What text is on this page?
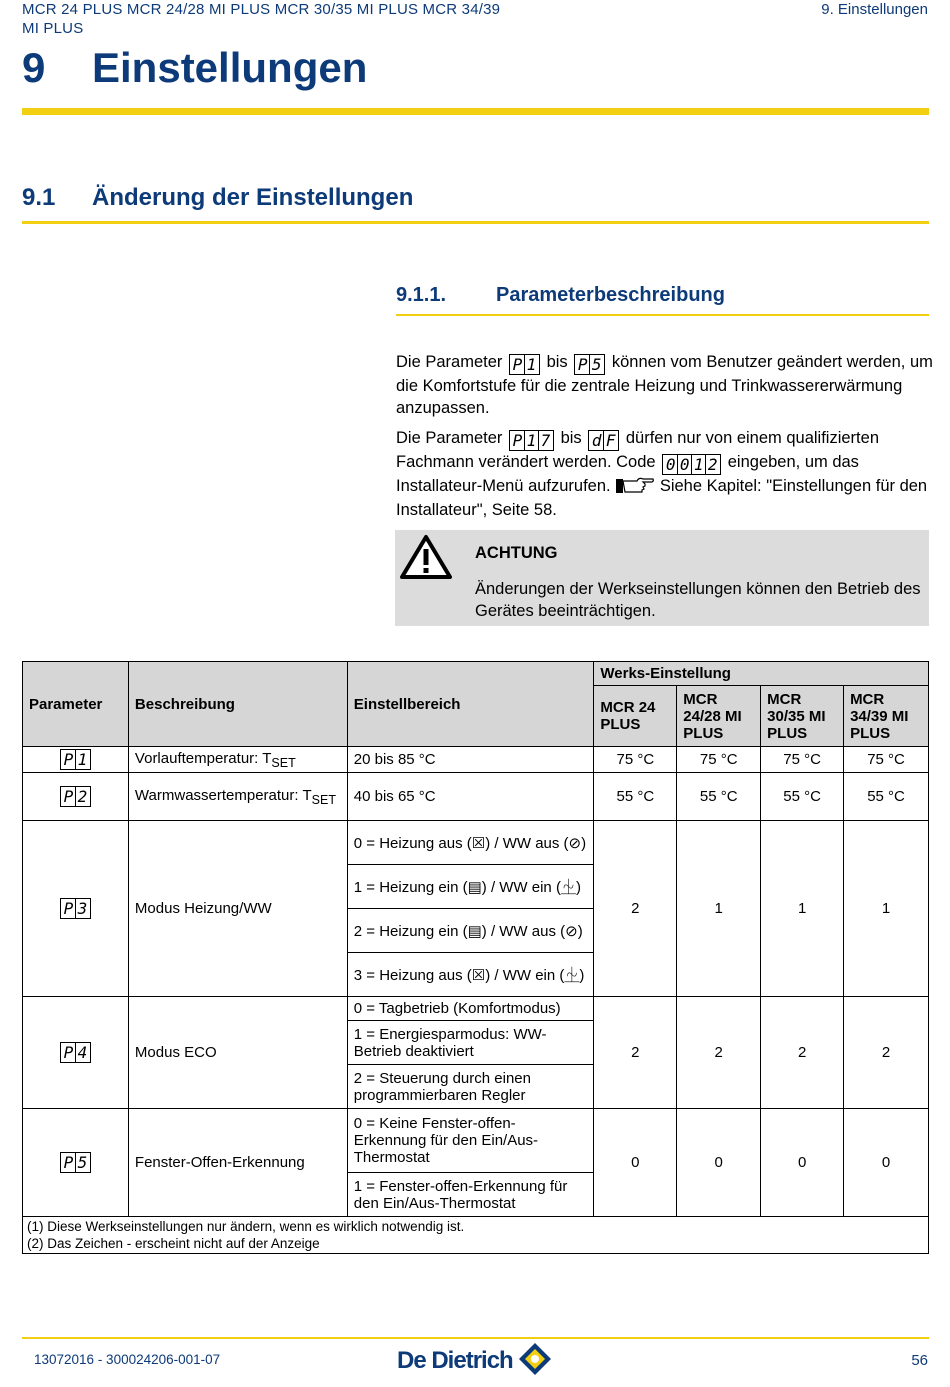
MCR 24 PLUS MCR 24/28 MI PLUS MCR 30/35 MI PLUS MCR 34/39 MI PLUS
9. Einstellungen
9 Einstellungen
9.1 Änderung der Einstellungen
9.1.1. Parameterbeschreibung
Die Parameter P 1 bis P 5 können vom Benutzer geändert werden, um die Komfortstufe für die zentrale Heizung und Trinkwassererwärmung anzupassen.
Die Parameter P 1 7 bis d F dürfen nur von einem qualifizierten Fachmann verändert werden. Code 0 0 1 2 eingeben, um das Installateur-Menü aufzurufen.	Siehe Kapitel: "Einstellungen für den Installateur", Seite 58.
ACHTUNG
Änderungen der Werkseinstellungen können den Betrieb des Gerätes beeinträchtigen.
Parameter	Beschreibung	Einstellbereich	Werks-Einstellung			
			MCR 24 PLUS	MCR 24/28 MI PLUS	MCR 30/35 MI PLUS	MCR 34/39 MI PLUS
P 1	Vorlauftemperatur: $T_{SET}$	20 bis 85 °C	75 °C	75 °C	75 °C	75 °C
P 2	Warmwassertemperatur: $T_{SET}$	40 bis 65 °C	55 °C	55 °C	55 °C	55 °C
P 3	Modus Heizung/WW	0 = Heizung aus (☒) / WW aus (⊘)	2	1	1	1
		1 = Heizung ein (▤) / WW ein (⏈)				
		2 = Heizung ein (▤) / WW aus (⊘)				
		3 = Heizung aus (☒) / WW ein (⏈)				
P 4	Modus ECO	0 = Tagbetrieb (Komfortmodus)	2	2	2	2
		1 = Energiesparmodus: WW-Betrieb deaktiviert				
		2 = Steuerung durch einen programmierbaren Regler				
P 5	Fenster-Offen-Erkennung	0 = Keine Fenster-offen-Erkennung für den Ein/Aus-Thermostat	0	0	0	0
		1 = Fenster-offen-Erkennung für den Ein/Aus-Thermostat				

(1) Diese Werkseinstellungen nur ändern, wenn es wirklich notwendig ist.
(2) Das Zeichen - erscheint nicht auf der Anzeige						
13072016 - 300024206-001-07	De Dietrich	56
